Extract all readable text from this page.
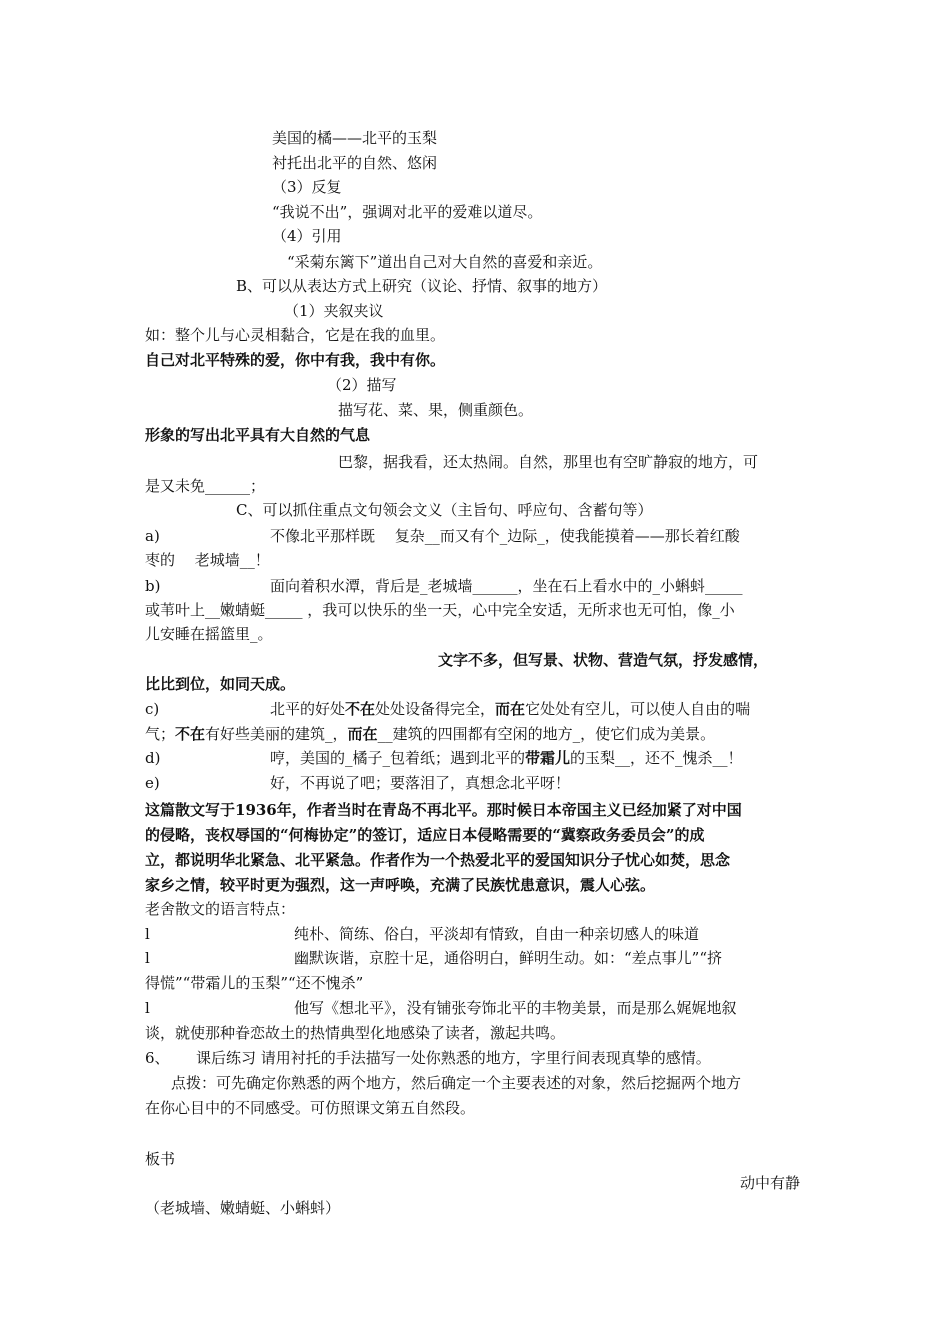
美国的橘——北平的玉梨
衬托出北平的自然、悠闲
（3）反复
“我说不出”，强调对北平的爱难以道尽。
（4）引用
“采菊东篱下”道出自己对大自然的喜爱和亲近。
B、可以从表达方式上研究（议论、抒情、叙事的地方）
（1）夹叙夹议
如：整个儿与心灵相黏合，它是在我的血里。
自己对北平特殊的爱，你中有我，我中有你。
（2）描写
描写花、菜、果，侧重颜色。
形象的写出北平具有大自然的气息
巴黎，据我看，还太热闹。自然，那里也有空旷静寂的地方，可
是又未免______；
C、可以抓住重点文句领会文义（主旨句、呼应句、含蓄句等）
a)	不像北平那样既　 复杂__而又有个_边际_，使我能摸着——那长着红酸
枣的　 老城墙__！
b)	面向着积水潭，背后是_老城墙______，坐在石上看水中的_小蝌蚪_____
或苇叶上__嫩蜻蜓_____ ，我可以快乐的坐一天，心中完全安适，无所求也无可怕，像_小
儿安睡在摇篮里_。
文字不多，但写景、状物、营造气氛，抒发感情，
比比到位，如同天成。
c)	北平的好处不在处处设备得完全，而在它处处有空儿，可以使人自由的喘
气；不在有好些美丽的建筑_，而在__建筑的四围都有空闲的地方_，使它们成为美景。
d)	哼，美国的_橘子_包着纸；遇到北平的带霜儿的玉梨__，还不_愧杀__！
e)	好，不再说了吧；要落泪了，真想念北平呀！
这篇散文写于1936年，作者当时在青岛不再北平。那时候日本帝国主义已经加紧了对中国
的侵略，丧权辱国的“何梅协定”的签订，适应日本侵略需要的“冀察政务委员会”的成
立，都说明华北紧急、北平紧急。作者作为一个热爱北平的爱国知识分子忧心如焚，思念
家乡之情，较平时更为强烈，这一声呼唤，充满了民族忧患意识，震人心弦。
老舍散文的语言特点：
l	纯朴、简练、俗白，平淡却有情致，自由一种亲切感人的味道
l	幽默诙谐，京腔十足，通俗明白，鲜明生动。如：“差点事儿”“挤
得慌”“带霜儿的玉梨”“还不愧杀”
l	他写《想北平》，没有铺张夸饰北平的丰物美景，而是那么娓娓地叙
谈，就使那种眷恋故土的热情典型化地感染了读者，激起共鸣。
6、 课后练习 请用衬托的手法描写一处你熟悉的地方，字里行间表现真挚的感情。
点拨：可先确定你熟悉的两个地方，然后确定一个主要表述的对象，然后挖掘两个地方
在你心目中的不同感受。可仿照课文第五自然段。
板书
动中有静
（老城墙、嫩蜻蜓、小蝌蚪）
